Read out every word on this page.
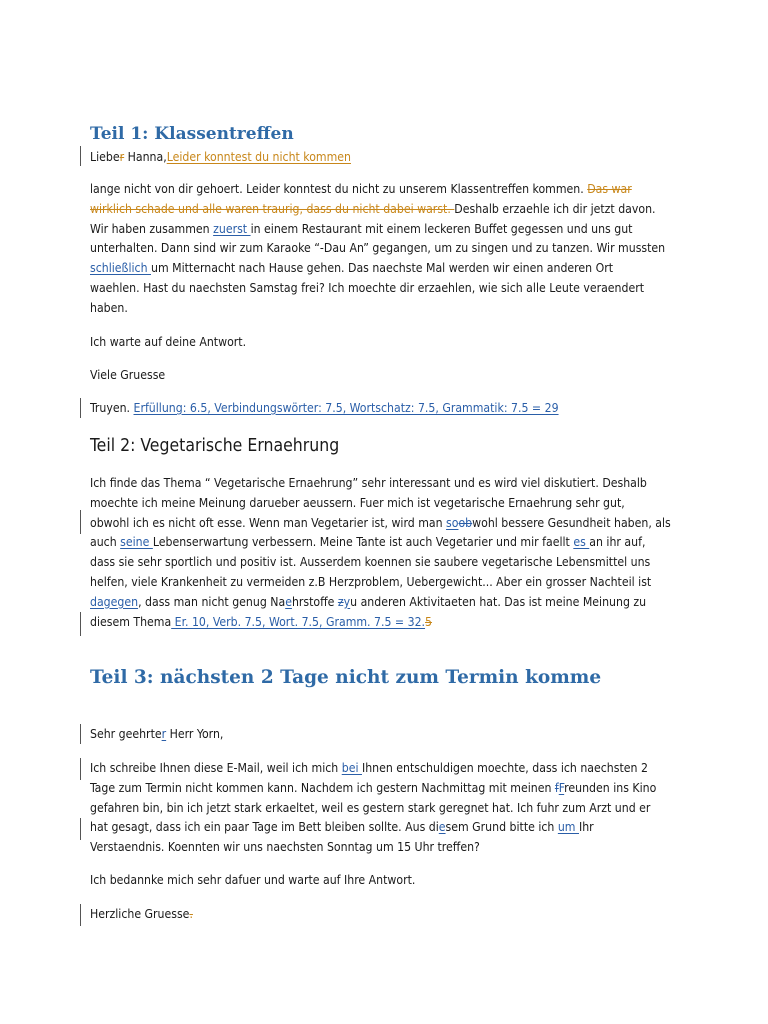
Teil 1: Klassentreffen
Lieber Hanna,Leider konntest du nicht kommen
lange nicht von dir gehoert. Leider konntest du nicht zu unserem Klassentreffen kommen. Das war
wirklich schade und alle waren traurig, dass du nicht dabei warst. Deshalb erzaehle ich dir jetzt davon.
Wir haben zusammen zuerst in einem Restaurant mit einem leckeren Buffet gegessen und uns gut
unterhalten. Dann sind wir zum Karaoke “-Dau An” gegangen, um zu singen und zu tanzen. Wir mussten
schließlich um Mitternacht nach Hause gehen. Das naechste Mal werden wir einen anderen Ort
waehlen. Hast du naechsten Samstag frei? Ich moechte dir erzaehlen, wie sich alle Leute veraendert
haben.
Ich warte auf deine Antwort.
Viele Gruesse
Truyen. Erfüllung: 6.5, Verbindungswörter: 7.5, Wortschatz: 7.5, Grammatik: 7.5 = 29
Teil 2: Vegetarische Ernaehrung
Ich finde das Thema “ Vegetarische Ernaehrung” sehr interessant und es wird viel diskutiert. Deshalb
moechte ich meine Meinung darueber aeussern. Fuer mich ist vegetarische Ernaehrung sehr gut,
obwohl ich es nicht oft esse. Wenn man Vegetarier ist, wird man soobwohl bessere Gesundheit haben, als
auch seine Lebenserwartung verbessern. Meine Tante ist auch Vegetarier und mir faellt es an ihr auf,
dass sie sehr sportlich und positiv ist. Ausserdem koennen sie saubere vegetarische Lebensmittel uns
helfen, viele Krankenheit zu vermeiden z.B Herzproblem, Uebergewicht... Aber ein grosser Nachteil ist
dagegen, dass man nicht genug Naehrstoffe zyu anderen Aktivitaeten hat. Das ist meine Meinung zu
diesem Thema Er. 10, Verb. 7.5, Wort. 7.5, Gramm. 7.5 = 32.5
Teil 3: nächsten 2 Tage nicht zum Termin komme
Sehr geehrter Herr Yorn,
Ich schreibe Ihnen diese E-Mail, weil ich mich bei Ihnen entschuldigen moechte, dass ich naechsten 2
Tage zum Termin nicht kommen kann. Nachdem ich gestern Nachmittag mit meinen fFreunden ins Kino
gefahren bin, bin ich jetzt stark erkaeltet, weil es gestern stark geregnet hat. Ich fuhr zum Arzt und er
hat gesagt, dass ich ein paar Tage im Bett bleiben sollte. Aus diesem Grund bitte ich um Ihr
Verstaendnis. Koennten wir uns naechsten Sonntag um 15 Uhr treffen?
Ich bedannke mich sehr dafuer und warte auf Ihre Antwort.
Herzliche Gruesse.
